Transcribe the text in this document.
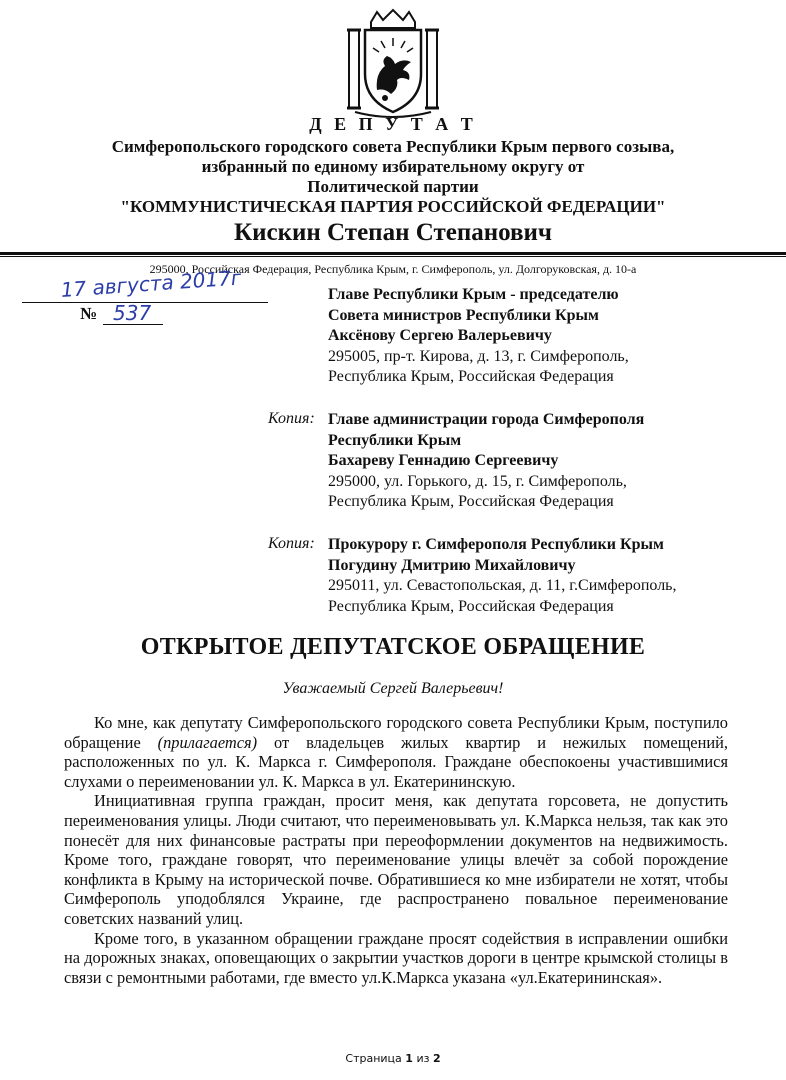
Д Е П У Т А Т
Симферопольского городского совета Республики Крым первого созыва,
избранный по единому избирательному округу от
Политической партии
"КОММУНИСТИЧЕСКАЯ ПАРТИЯ РОССИЙСКОЙ ФЕДЕРАЦИИ"
Кискин Степан Степанович
295000, Российская Федерация, Республика Крым, г. Симферополь, ул. Долгоруковская, д. 10-а
17 августа 2017г
№ 537
Главе Республики Крым - председателю
Совета министров Республики Крым
Аксёнову Сергею Валерьевичу
295005, пр-т. Кирова, д. 13, г. Симферополь,
Республика Крым, Российская Федерация
Копия: Главе администрации города Симферополя
Республики Крым
Бахареву Геннадию Сергеевичу
295000, ул. Горького, д. 15, г. Симферополь,
Республика Крым, Российская Федерация
Копия: Прокурору г. Симферополя Республики Крым
Погудину Дмитрию Михайловичу
295011, ул. Севастопольская, д. 11, г.Симферополь,
Республика Крым, Российская Федерация
ОТКРЫТОЕ ДЕПУТАТСКОЕ ОБРАЩЕНИЕ
Уважаемый Сергей Валерьевич!

Ко мне, как депутату Симферопольского городского совета Республики Крым, поступило обращение (прилагается) от владельцев жилых квартир и нежилых помещений, расположенных по ул. К. Маркса г. Симферополя. Граждане обеспокоены участившимися слухами о переименовании ул. К. Маркса в ул. Екатерининскую.

Инициативная группа граждан, просит меня, как депутата горсовета, не допустить переименования улицы. Люди считают, что переименовывать ул. К.Маркса нельзя, так как это понесёт для них финансовые растраты при переоформлении документов на недвижимость. Кроме того, граждане говорят, что переименование улицы влечёт за собой порождение конфликта в Крыму на исторической почве. Обратившиеся ко мне избиратели не хотят, чтобы Симферополь уподоблялся Украине, где распространено повальное переименование советских названий улиц.

Кроме того, в указанном обращении граждане просят содействия в исправлении ошибки на дорожных знаках, оповещающих о закрытии участков дороги в центре крымской столицы в связи с ремонтными работами, где вместо ул.К.Маркса указана «ул.Екатерининская».

Страница 1 из 2
